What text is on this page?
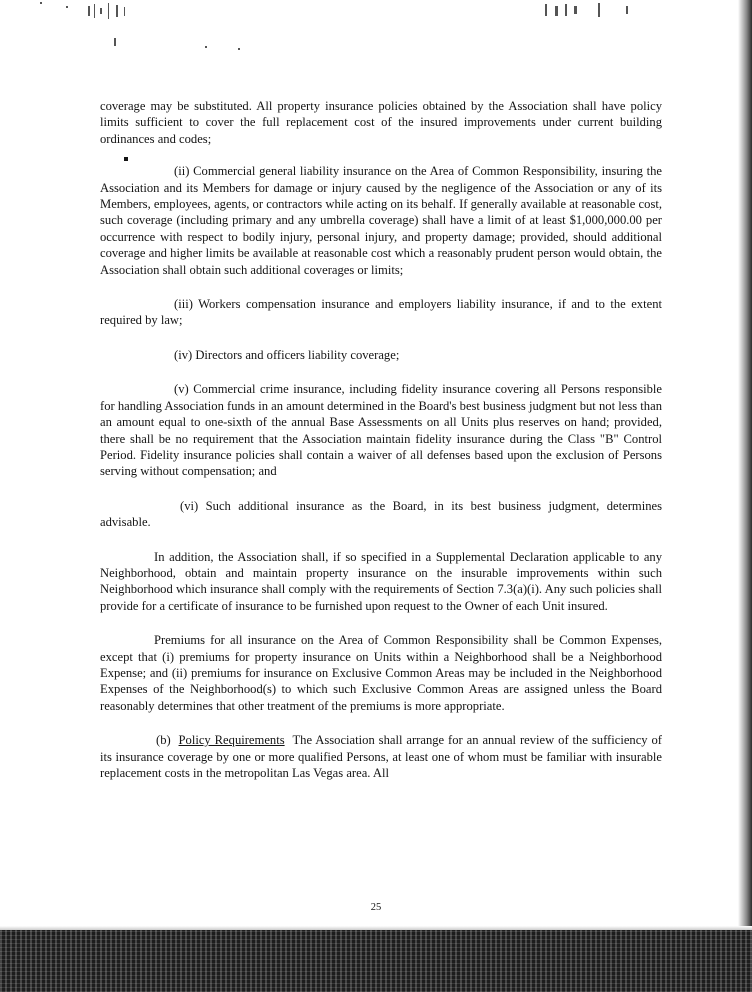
coverage may be substituted. All property insurance policies obtained by the Association shall have policy limits sufficient to cover the full replacement cost of the insured improvements under current building ordinances and codes;

(ii) Commercial general liability insurance on the Area of Common Responsibility, insuring the Association and its Members for damage or injury caused by the negligence of the Association or any of its Members, employees, agents, or contractors while acting on its behalf. If generally available at reasonable cost, such coverage (including primary and any umbrella coverage) shall have a limit of at least $1,000,000.00 per occurrence with respect to bodily injury, personal injury, and property damage; provided, should additional coverage and higher limits be available at reasonable cost which a reasonably prudent person would obtain, the Association shall obtain such additional coverages or limits;

(iii) Workers compensation insurance and employers liability insurance, if and to the extent required by law;

(iv) Directors and officers liability coverage;

(v) Commercial crime insurance, including fidelity insurance covering all Persons responsible for handling Association funds in an amount determined in the Board's best business judgment but not less than an amount equal to one-sixth of the annual Base Assessments on all Units plus reserves on hand; provided, there shall be no requirement that the Association maintain fidelity insurance during the Class "B" Control Period. Fidelity insurance policies shall contain a waiver of all defenses based upon the exclusion of Persons serving without compensation; and

(vi) Such additional insurance as the Board, in its best business judgment, determines advisable.

In addition, the Association shall, if so specified in a Supplemental Declaration applicable to any Neighborhood, obtain and maintain property insurance on the insurable improvements within such Neighborhood which insurance shall comply with the requirements of Section 7.3(a)(i). Any such policies shall provide for a certificate of insurance to be furnished upon request to the Owner of each Unit insured.

Premiums for all insurance on the Area of Common Responsibility shall be Common Expenses, except that (i) premiums for property insurance on Units within a Neighborhood shall be a Neighborhood Expense; and (ii) premiums for insurance on Exclusive Common Areas may be included in the Neighborhood Expenses of the Neighborhood(s) to which such Exclusive Common Areas are assigned unless the Board reasonably determines that other treatment of the premiums is more appropriate.

(b) Policy Requirements The Association shall arrange for an annual review of the sufficiency of its insurance coverage by one or more qualified Persons, at least one of whom must be familiar with insurable replacement costs in the metropolitan Las Vegas area. All

25
